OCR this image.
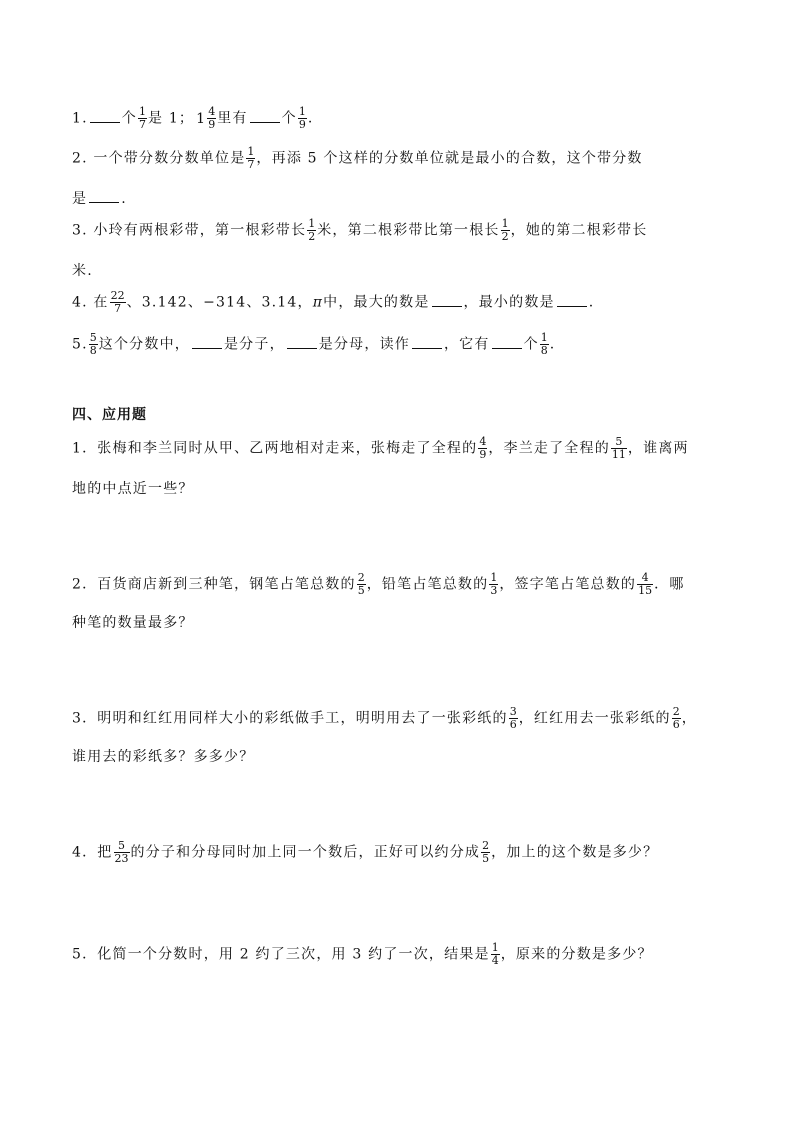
1. 个 $\frac{1}{7}$ 是 1； $1 \frac{4}{9}$ 里有 个 $\frac{1}{9}$ .
2. 一个带分数分数单位是 $\frac{1}{7}$ ，再添 5 个这样的分数单位就是最小的合数，这个带分数
是 .
3. 小玲有两根彩带，第一根彩带长 $\frac{1}{2}$ 米，第二根彩带比第一根长 $\frac{1}{2}$ ，她的第二根彩带长
米.
4. 在 $\frac{22}{7}$ 、3.142、−314、3.14，π中，最大的数是 ，最小的数是 .
5. $\frac{5}{8}$ 这个分数中， 是分子， 是分母，读作 ，它有 个 $\frac{1}{8}$ .
四、应用题
1．张梅和李兰同时从甲、乙两地相对走来，张梅走了全程的 $\frac{4}{9}$ ，李兰走了全程的 $\frac{5}{11}$ ，谁离两
地的中点近一些？
2．百货商店新到三种笔，钢笔占笔总数的 $\frac{2}{5}$ ，铅笔占笔总数的 $\frac{1}{3}$ ，签字笔占笔总数的 $\frac{4}{15}$ ．哪
种笔的数量最多？
3．明明和红红用同样大小的彩纸做手工，明明用去了一张彩纸的 $\frac{3}{6}$ ，红红用去一张彩纸的 $\frac{2}{6}$ ，
谁用去的彩纸多？多多少？
4．把 $\frac{5}{23}$ 的分子和分母同时加上同一个数后，正好可以约分成 $\frac{2}{5}$ ，加上的这个数是多少？
5．化简一个分数时，用 2 约了三次，用 3 约了一次，结果是 $\frac{1}{4}$ ，原来的分数是多少？
